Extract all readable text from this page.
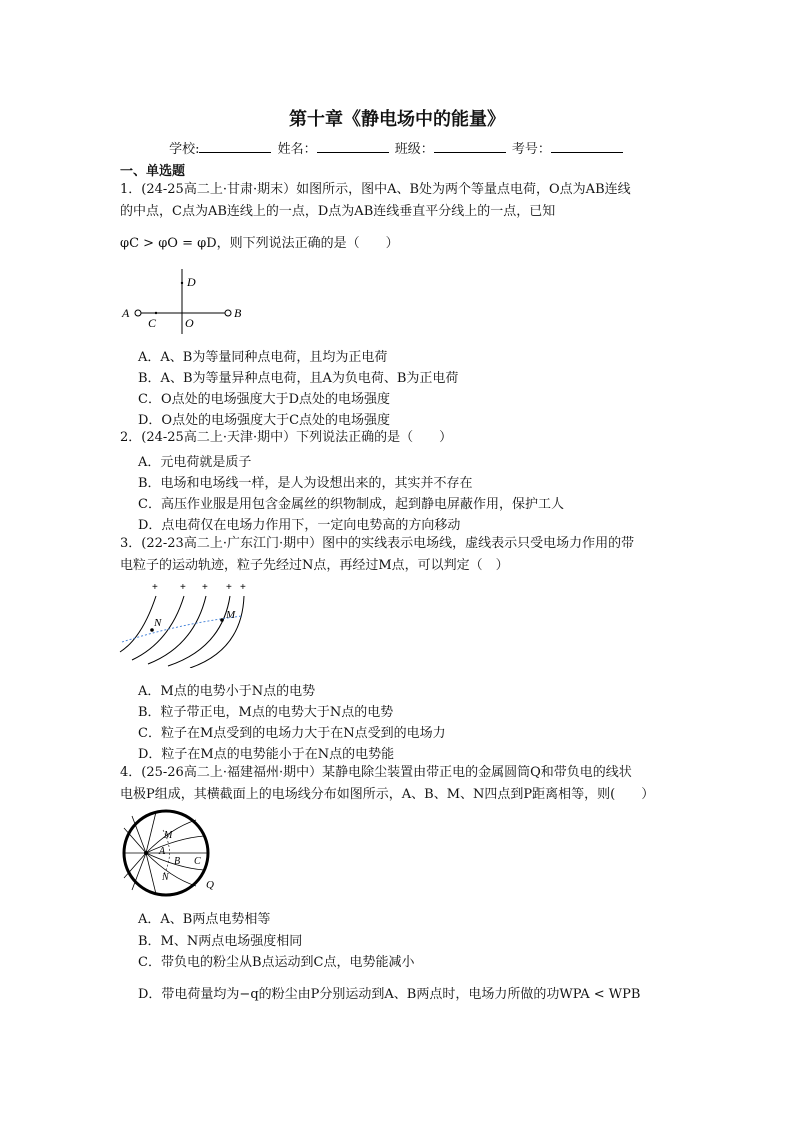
第十章《静电场中的能量》
学校:	姓名：	班级：	考号：
一、单选题
1．(24-25高二上·甘肃·期末）如图所示，图中A、B处为两个等量点电荷，O点为AB连线
的中点，C点为AB连线上的一点，D点为AB连线垂直平分线上的一点，已知
φC > φO = φD，则下列说法正确的是（　　）
D
A
C O
B
A．A、B为等量同种点电荷，且均为正电荷
B．A、B为等量异种点电荷，且A为负电荷、B为正电荷
C．O点处的电场强度大于D点处的电场强度
D．O点处的电场强度大于C点处的电场强度
2．(24-25高二上·天津·期中）下列说法正确的是（　　）
A．元电荷就是质子
B．电场和电场线一样，是人为设想出来的，其实并不存在
C．高压作业服是用包含金属丝的织物制成，起到静电屏蔽作用，保护工人
D．点电荷仅在电场力作用下，一定向电势高的方向移动
3．(22-23高二上·广东江门·期中）图中的实线表示电场线，虚线表示只受电场力作用的带
电粒子的运动轨迹，粒子先经过N点，再经过M点，可以判定（　）
+ + + + +
N
M
A．M点的电势小于N点的电势
B．粒子带正电，M点的电势大于N点的电势
C．粒子在M点受到的电场力大于在N点受到的电场力
D．粒子在M点的电势能小于在N点的电势能
4．(25-26高二上·福建福州·期中）某静电除尘装置由带正电的金属圆筒Q和带负电的线状
电极P组成，其横截面上的电场线分布如图所示，A、B、M、N四点到P距离相等，则(　　）
M
A
B C
N
Q
A．A、B两点电势相等
B．M、N两点电场强度相同
C．带负电的粉尘从B点运动到C点，电势能减小
D．带电荷量均为−q的粉尘由P分别运动到A、B两点时，电场力所做的功WPA < WPB
